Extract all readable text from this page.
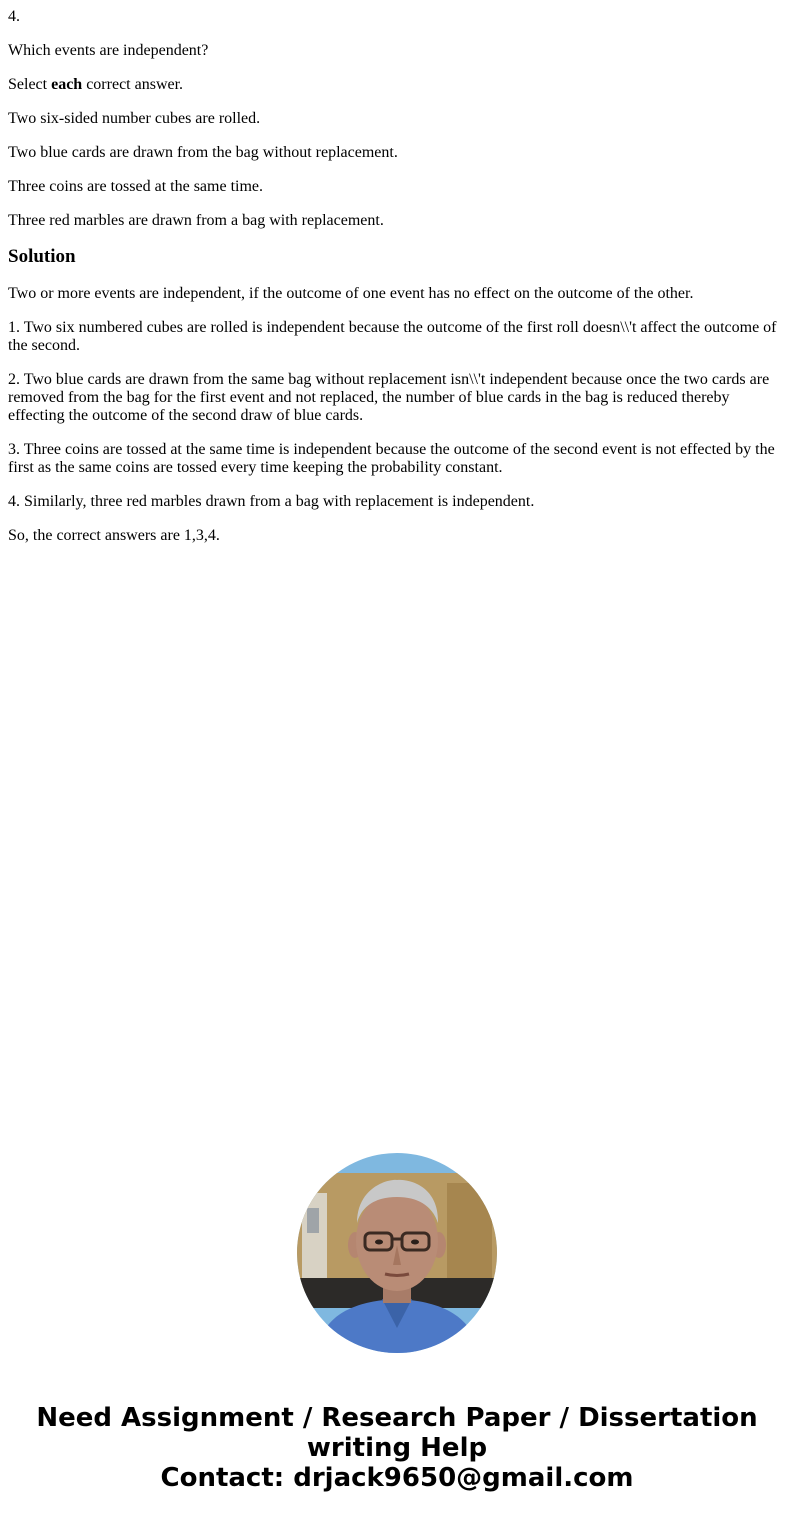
4.

Which events are independent?

Select each correct answer.

Two six-sided number cubes are rolled.

Two blue cards are drawn from the bag without replacement.

Three coins are tossed at the same time.

Three red marbles are drawn from a bag with replacement.

Solution

Two or more events are independent, if the outcome of one event has no effect on the outcome of the other.

1. Two six numbered cubes are rolled is independent because the outcome of the first roll doesn\\'t affect the outcome of the second.

2. Two blue cards are drawn from the same bag without replacement isn\\'t independent because once the two cards are removed from the bag for the first event and not replaced, the number of blue cards in the bag is reduced thereby effecting the outcome of the second draw of blue cards.

3. Three coins are tossed at the same time is independent because the outcome of the second event is not effected by the first as the same coins are tossed every time keeping the probability constant.

4. Similarly, three red marbles drawn from a bag with replacement is independent.

So, the correct answers are 1,3,4.

Need Assignment / Research Paper / Dissertation
writing Help
Contact: drjack9650@gmail.com
